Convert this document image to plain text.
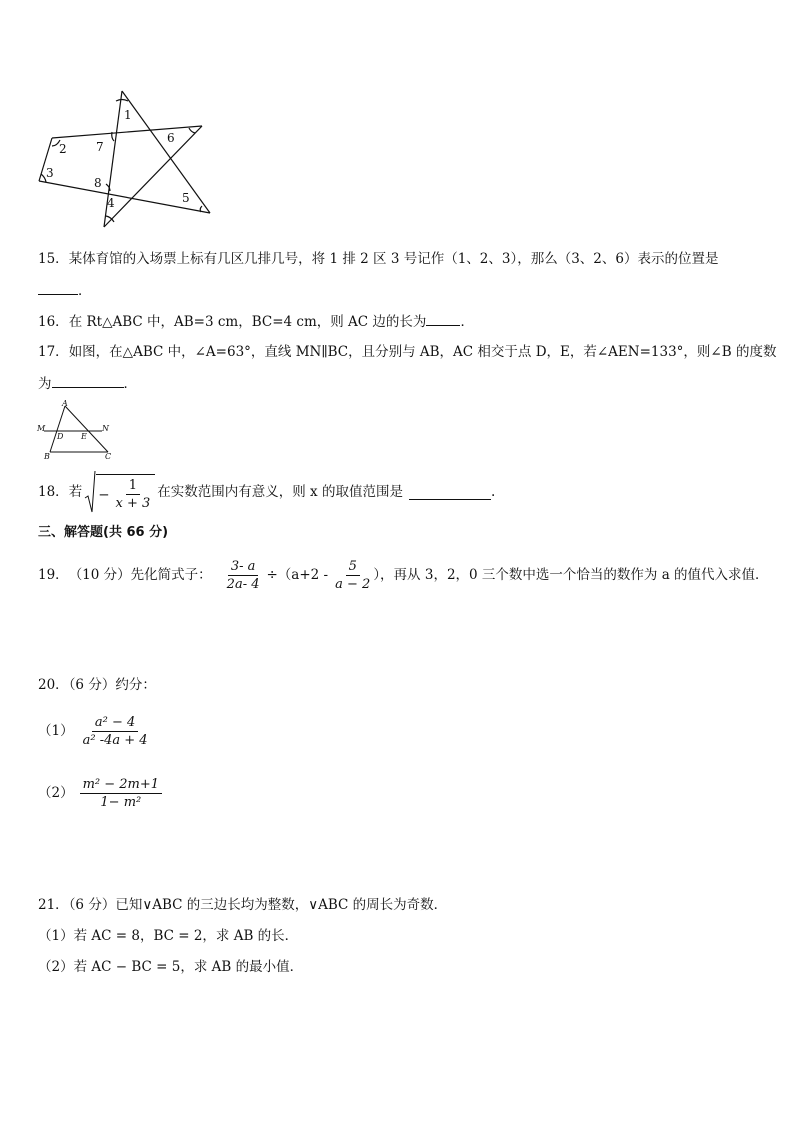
1
2
3
4	5
6
7
8
15．某体育馆的入场票上标有几区几排几号，将 1 排 2 区 3 号记作（1、2、3），那么（3、2、6）表示的位置是
．
16．在 Rt△ABC 中，AB=3 cm，BC=4 cm，则 AC 边的长为	．
17．如图，在△ABC 中，∠A=63°，直线 MN∥BC，且分别与 AB，AC 相交于点 D，E，若∠AEN=133°，则∠B 的度数
为	．
A
M
D E
N
B	C
18． 若 − $\frac{1}{x + 3}$ 在实数范围内有意义，则 x 的取值范围是	.
三、解答题(共 66 分)
19． （10 分） 先化简式子： $\frac{3- a}{2a- 4} \div(a+2 - \frac{5}{a - 2}$ ），再从 3，2，0 三个数中选一个恰当的数作为 a 的值代入求值．
20．（6 分）约分：
$(1) \frac{\text{a² − 4}}{\text{a² -4a + 4}}$
$(2) \frac{\text{m² − 2m+1}}{\text{1− m²}}$
21．（6 分）已知∨ABC 的三边长均为整数，∨ABC 的周长为奇数．
（1）若 AC = 8，BC = 2，求 AB 的长．
（2）若 AC − BC = 5，求 AB 的最小值．
